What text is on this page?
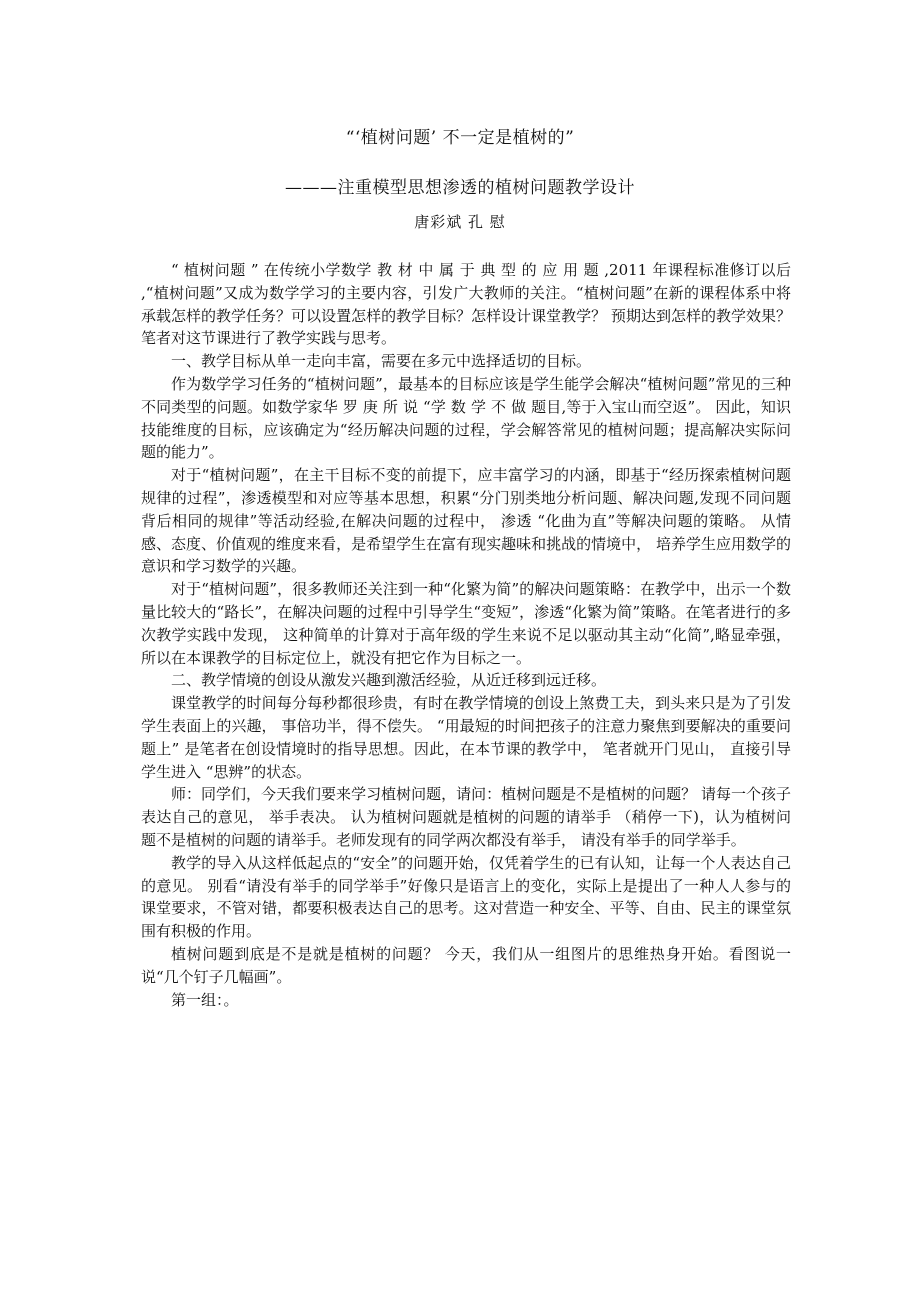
“‘植树问题’ 不一定是植树的”
———注重模型思想渗透的植树问题教学设计
唐彩斌 孔 慰

“ 植树问题 ” 在传统小学数学 教 材 中 属 于 典 型 的 应 用 题 ,2011 年课程标准修订以后 ,“植树问题”又成为数学学习的主要内容，引发广大教师的关注。“植树问题”在新的课程体系中将承载怎样的教学任务？可以设置怎样的教学目标？怎样设计课堂教学？ 预期达到怎样的教学效果？笔者对这节课进行了教学实践与思考。

一、教学目标从单一走向丰富，需要在多元中选择适切的目标。

作为数学学习任务的“植树问题”，最基本的目标应该是学生能学会解决“植树问题”常见的三种不同类型的问题。如数学家华 罗 庚 所 说 “学 数 学 不 做 题目,等于入宝山而空返”。 因此，知识技能维度的目标，应该确定为“经历解决问题的过程，学会解答常见的植树问题；提高解决实际问题的能力”。

对于“植树问题”，在主干目标不变的前提下，应丰富学习的内涵，即基于“经历探索植树问题规律的过程”，渗透模型和对应等基本思想，积累“分门别类地分析问题、解决问题,发现不同问题背后相同的规律”等活动经验,在解决问题的过程中， 渗透 “化曲为直”等解决问题的策略。 从情感、态度、价值观的维度来看，是希望学生在富有现实趣味和挑战的情境中， 培养学生应用数学的意识和学习数学的兴趣。

对于“植树问题”，很多教师还关注到一种“化繁为简”的解决问题策略：在教学中，出示一个数量比较大的“路长”，在解决问题的过程中引导学生“变短”，渗透“化繁为简”策略。在笔者进行的多次教学实践中发现， 这种简单的计算对于高年级的学生来说不足以驱动其主动“化简”,略显牵强， 所以在本课教学的目标定位上，就没有把它作为目标之一。

二、教学情境的创设从激发兴趣到激活经验，从近迁移到远迁移。

课堂教学的时间每分每秒都很珍贵，有时在教学情境的创设上煞费工夫，到头来只是为了引发学生表面上的兴趣， 事倍功半，得不偿失。 “用最短的时间把孩子的注意力聚焦到要解决的重要问题上” 是笔者在创设情境时的指导思想。因此，在本节课的教学中， 笔者就开门见山， 直接引导学生进入 “思辨”的状态。

师：同学们，今天我们要来学习植树问题，请问：植树问题是不是植树的问题？ 请每一个孩子表达自己的意见， 举手表决。 认为植树问题就是植树的问题的请举手 （稍停一下)，认为植树问题不是植树的问题的请举手。老师发现有的同学两次都没有举手， 请没有举手的同学举手。

教学的导入从这样低起点的“安全”的问题开始，仅凭着学生的已有认知，让每一个人表达自己的意见。 别看“请没有举手的同学举手”好像只是语言上的变化，实际上是提出了一种人人参与的课堂要求，不管对错，都要积极表达自己的思考。这对营造一种安全、平等、自由、民主的课堂氛围有积极的作用。

植树问题到底是不是就是植树的问题？ 今天，我们从一组图片的思维热身开始。看图说一说“几个钉子几幅画”。

第一组：。
